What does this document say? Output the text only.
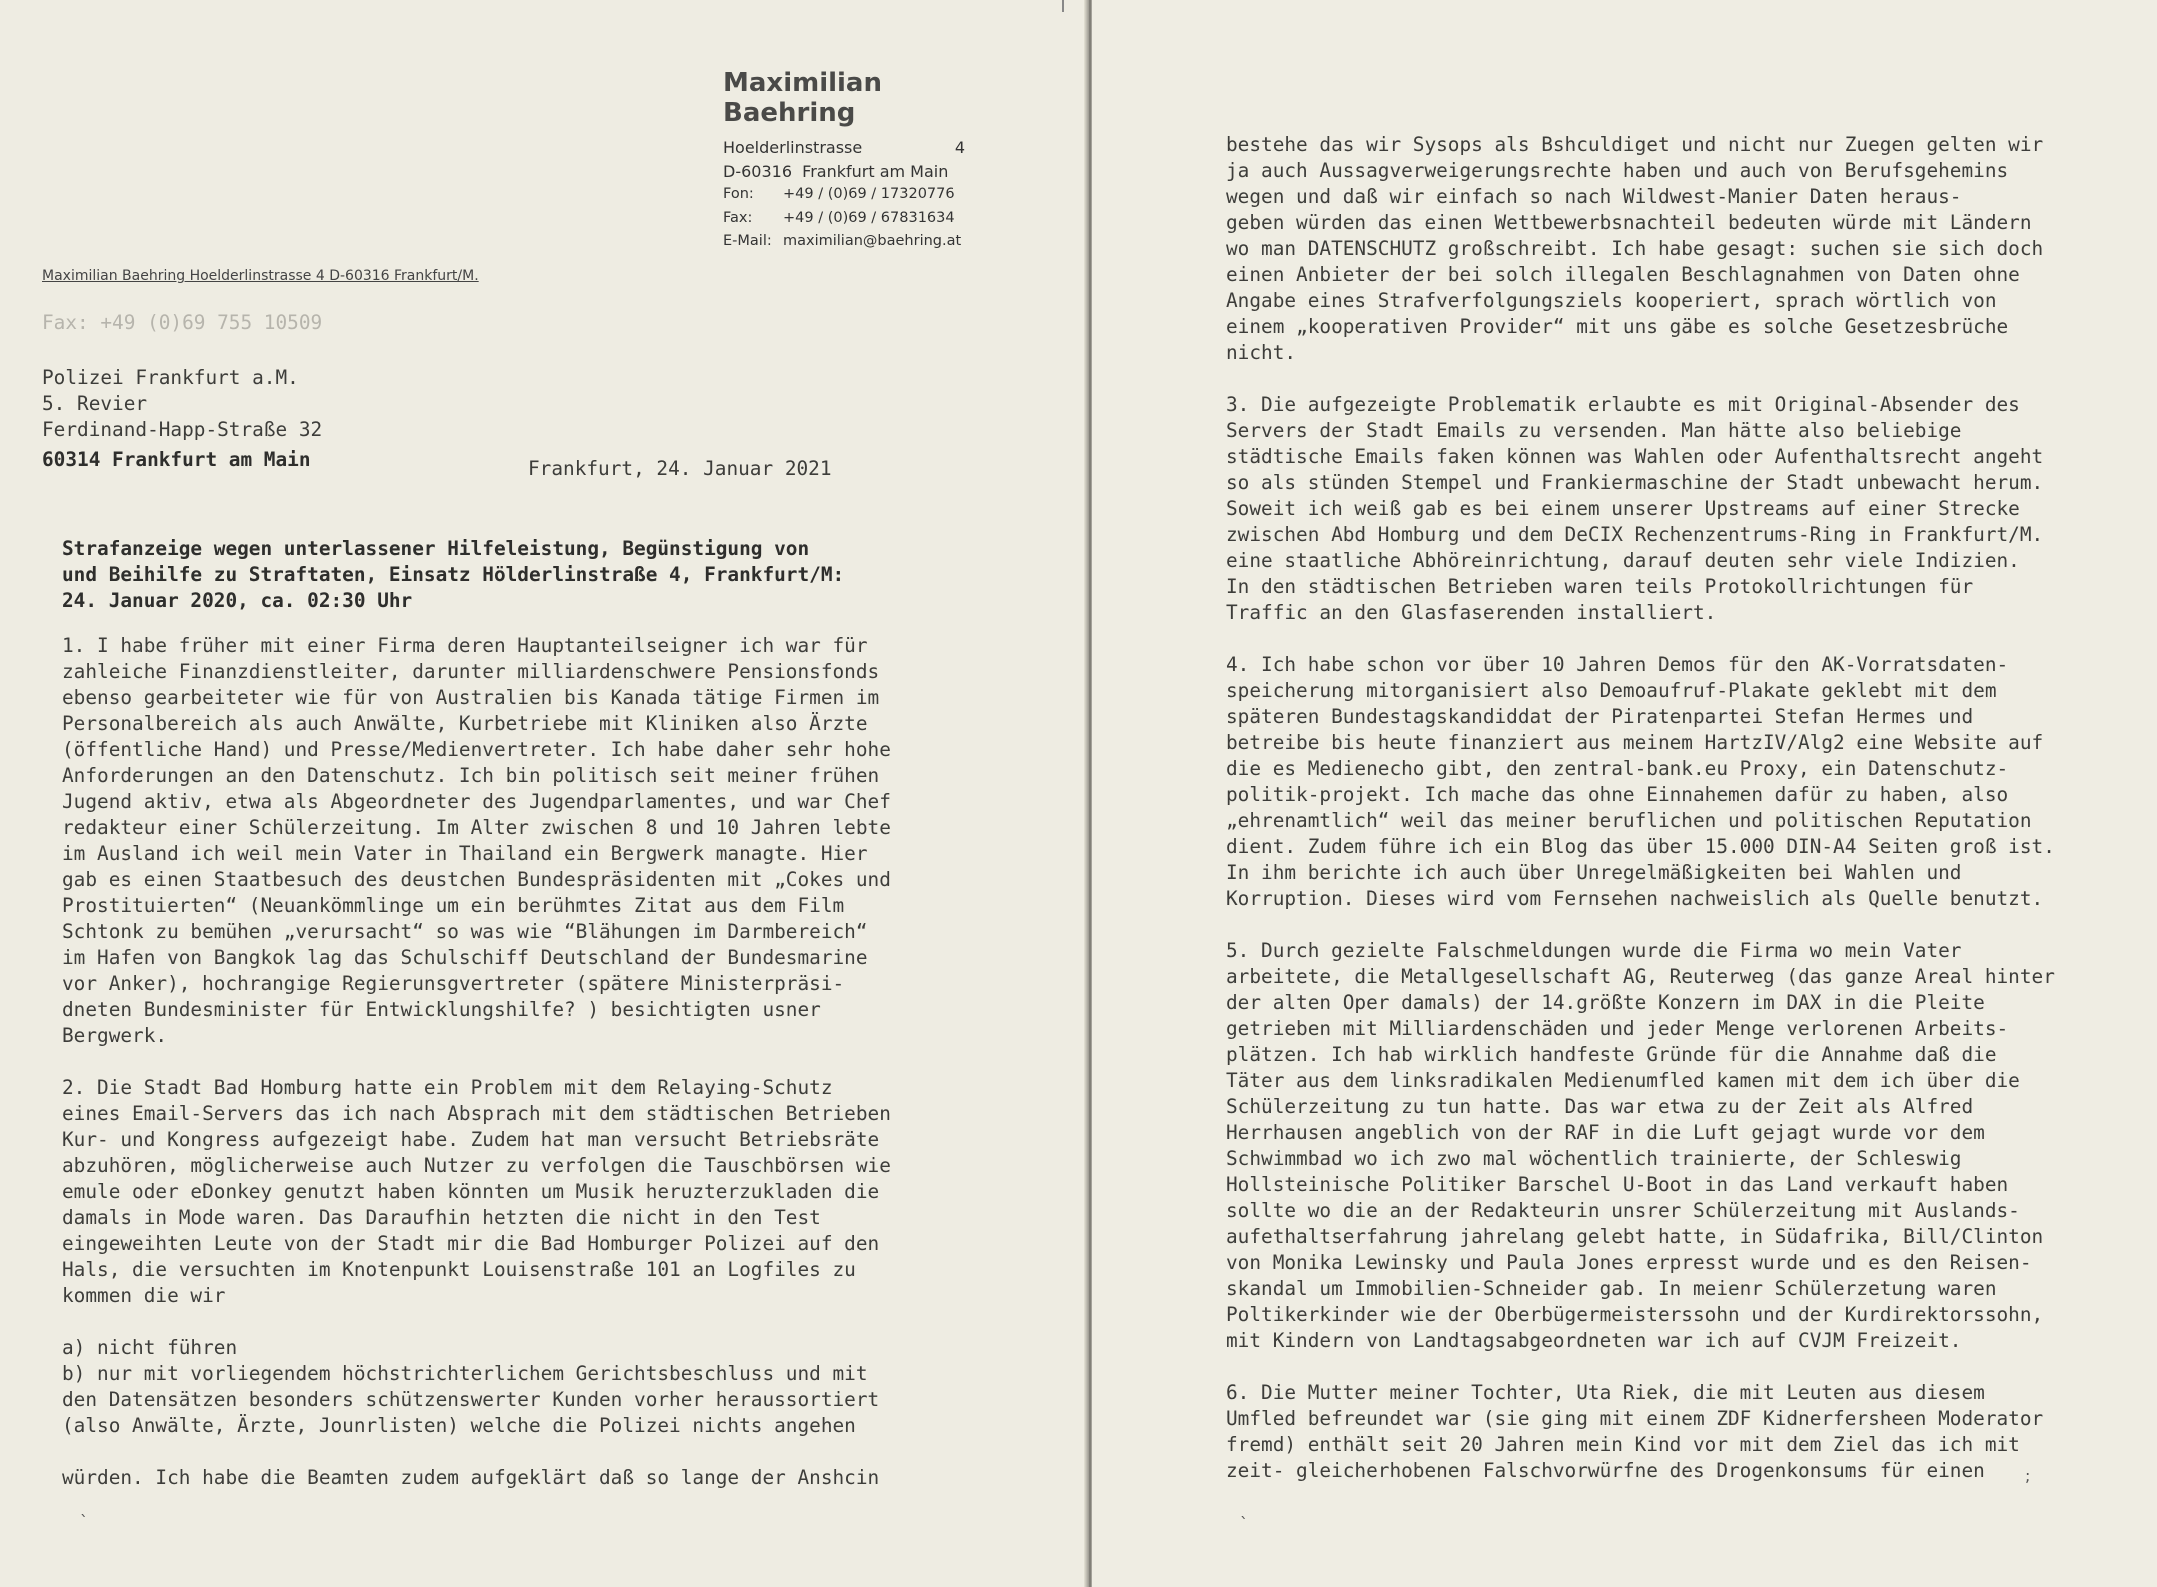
Maximilian Baehring
Hoelderlinstrasse	4
D-60316  Frankfurt am Main
Fon: +49 / (0)69 / 17320776
Fax: +49 / (0)69 / 67831634
E-Mail: maximilian@baehring.at
Maximilian Baehring Hoelderlinstrasse 4 D-60316 Frankfurt/M.
Fax: +49 (0)69 755 10509
Polizei Frankfurt a.M.
5. Revier
Ferdinand-Happ-Straße 32
60314 Frankfurt am Main	Frankfurt, 24. Januar 2021
Strafanzeige wegen unterlassener Hilfeleistung, Begünstigung von
und Beihilfe zu Straftaten, Einsatz Hölderlinstraße 4, Frankfurt/M:
24. Januar 2020, ca. 02:30 Uhr
1. I habe früher mit einer Firma deren Hauptanteilseigner ich war für
zahleiche Finanzdienstleiter, darunter milliardenschwere Pensionsfonds
ebenso gearbeiteter wie für von Australien bis Kanada tätige Firmen im
Personalbereich als auch Anwälte, Kurbetriebe mit Kliniken also Ärzte
(öffentliche Hand) und Presse/Medienvertreter. Ich habe daher sehr hohe
Anforderungen an den Datenschutz. Ich bin politisch seit meiner frühen
Jugend aktiv, etwa als Abgeordneter des Jugendparlamentes, und war Chef
redakteur einer Schülerzeitung. Im Alter zwischen 8 und 10 Jahren lebte
im Ausland ich weil mein Vater in Thailand ein Bergwerk managte. Hier
gab es einen Staatbesuch des deustchen Bundespräsidenten mit „Cokes und
Prostituierten“ (Neuankömmlinge um ein berühmtes Zitat aus dem Film
Schtonk zu bemühen „verursacht“ so was wie “Blähungen im Darmbereich“
im Hafen von Bangkok lag das Schulschiff Deutschland der Bundesmarine
vor Anker), hochrangige Regierunsgvertreter (spätere Ministerpräsi-
dneten Bundesminister für Entwicklungshilfe? ) besichtigten usner
Bergwerk.
2. Die Stadt Bad Homburg hatte ein Problem mit dem Relaying-Schutz
eines Email-Servers das ich nach Absprach mit dem städtischen Betrieben
Kur- und Kongress aufgezeigt habe. Zudem hat man versucht Betriebsräte
abzuhören, möglicherweise auch Nutzer zu verfolgen die Tauschbörsen wie
emule oder eDonkey genutzt haben könnten um Musik heruzterzukladen die
damals in Mode waren. Das Daraufhin hetzten die nicht in den Test
eingeweihten Leute von der Stadt mir die Bad Homburger Polizei auf den
Hals, die versuchten im Knotenpunkt Louisenstraße 101 an Logfiles zu
kommen die wir
a) nicht führen
b) nur mit vorliegendem höchstrichterlichem Gerichtsbeschluss und mit
den Datensätzen besonders schützenswerter Kunden vorher heraussortiert
(also Anwälte, Ärzte, Jounrlisten) welche die Polizei nichts angehen
würden. Ich habe die Beamten zudem aufgeklärt daß so lange der Anshcin
ˋ
bestehe das wir Sysops als Bshculdiget und nicht nur Zuegen gelten wir
ja auch Aussagverweigerungsrechte haben und auch von Berufsgehemins
wegen und daß wir einfach so nach Wildwest-Manier Daten heraus-
geben würden das einen Wettbewerbsnachteil bedeuten würde mit Ländern
wo man DATENSCHUTZ großschreibt. Ich habe gesagt: suchen sie sich doch
einen Anbieter der bei solch illegalen Beschlagnahmen von Daten ohne
Angabe eines Strafverfolgungsziels kooperiert, sprach wörtlich von
einem „kooperativen Provider“ mit uns gäbe es solche Gesetzesbrüche
nicht.
3. Die aufgezeigte Problematik erlaubte es mit Original-Absender des
Servers der Stadt Emails zu versenden. Man hätte also beliebige
städtische Emails faken können was Wahlen oder Aufenthaltsrecht angeht
so als stünden Stempel und Frankiermaschine der Stadt unbewacht herum.
Soweit ich weiß gab es bei einem unserer Upstreams auf einer Strecke
zwischen Abd Homburg und dem DeCIX Rechenzentrums-Ring in Frankfurt/M.
eine staatliche Abhöreinrichtung, darauf deuten sehr viele Indizien.
In den städtischen Betrieben waren teils Protokollrichtungen für
Traffic an den Glasfaserenden installiert.
4. Ich habe schon vor über 10 Jahren Demos für den AK-Vorratsdaten-
speicherung mitorganisiert also Demoaufruf-Plakate geklebt mit dem
späteren Bundestagskandiddat der Piratenpartei Stefan Hermes und
betreibe bis heute finanziert aus meinem HartzIV/Alg2 eine Website auf
die es Medienecho gibt, den zentral-bank.eu Proxy, ein Datenschutz-
politik-projekt. Ich mache das ohne Einnahemen dafür zu haben, also
„ehrenamtlich“ weil das meiner beruflichen und politischen Reputation
dient. Zudem führe ich ein Blog das über 15.000 DIN-A4 Seiten groß ist.
In ihm berichte ich auch über Unregelmäßigkeiten bei Wahlen und
Korruption. Dieses wird vom Fernsehen nachweislich als Quelle benutzt.
5. Durch gezielte Falschmeldungen wurde die Firma wo mein Vater
arbeitete, die Metallgesellschaft AG, Reuterweg (das ganze Areal hinter
der alten Oper damals) der 14.größte Konzern im DAX in die Pleite
getrieben mit Milliardenschäden und jeder Menge verlorenen Arbeits-
plätzen. Ich hab wirklich handfeste Gründe für die Annahme daß die
Täter aus dem linksradikalen Medienumfled kamen mit dem ich über die
Schülerzeitung zu tun hatte. Das war etwa zu der Zeit als Alfred
Herrhausen angeblich von der RAF in die Luft gejagt wurde vor dem
Schwimmbad wo ich zwo mal wöchentlich trainierte, der Schleswig
Hollsteinische Politiker Barschel U-Boot in das Land verkauft haben
sollte wo die an der Redakteurin unsrer Schülerzeitung mit Auslands-
aufethaltserfahrung jahrelang gelebt hatte, in Südafrika, Bill/Clinton
von Monika Lewinsky und Paula Jones erpresst wurde und es den Reisen-
skandal um Immobilien-Schneider gab. In meienr Schülerzetung waren
Poltikerkinder wie der Oberbügermeisterssohn und der Kurdirektorssohn,
mit Kindern von Landtagsabgeordneten war ich auf CVJM Freizeit.
6. Die Mutter meiner Tochter, Uta Riek, die mit Leuten aus diesem
Umfled befreundet war (sie ging mit einem ZDF Kidnerfersheen Moderator
fremd) enthält seit 20 Jahren mein Kind vor mit dem Ziel das ich mit
zeit- gleicherhobenen Falschvorwürfne des Drogenkonsums für einen
ˋ
;
